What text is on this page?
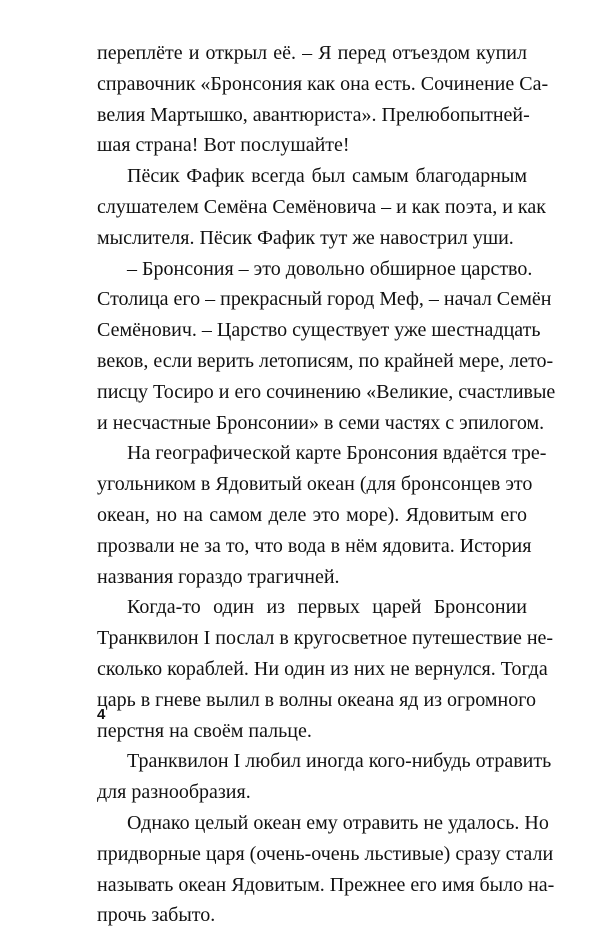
переплёте и открыл её. – Я перед отъездом купил
справочник «Бронсония как она есть. Сочинение Са-
велия Мартышко, авантюриста». Прелюбопытней-
шая страна! Вот послушайте!

Пёсик Фафик всегда был самым благодарным
слушателем Семёна Семёновича – и как поэта, и как
мыслителя. Пёсик Фафик тут же навострил уши.

– Бронсония – это довольно обширное царство.
Столица его – прекрасный город Меф, – начал Семён
Семёнович. – Царство существует уже шестнадцать
веков, если верить летописям, по крайней мере, лето-
писцу Тосиро и его сочинению «Великие, счастливые
и несчастные Бронсонии» в семи частях с эпилогом.

На географической карте Бронсония вдаётся тре-
угольником в Ядовитый океан (для бронсонцев это
океан, но на самом деле это море). Ядовитым его
прозвали не за то, что вода в нём ядовита. История
названия гораздо трагичней.

Когда-то один из первых царей Бронсонии
Транквилон I послал в кругосветное путешествие не-
сколько кораблей. Ни один из них не вернулся. Тогда
царь в гневе вылил в волны океана яд из огромного
перстня на своём пальце.

Транквилон I любил иногда кого-нибудь отравить
для разнообразия.

Однако целый океан ему отравить не удалось. Но
придворные царя (очень-очень льстивые) сразу стали
называть океан Ядовитым. Прежнее его имя было на-
прочь забыто.

4
